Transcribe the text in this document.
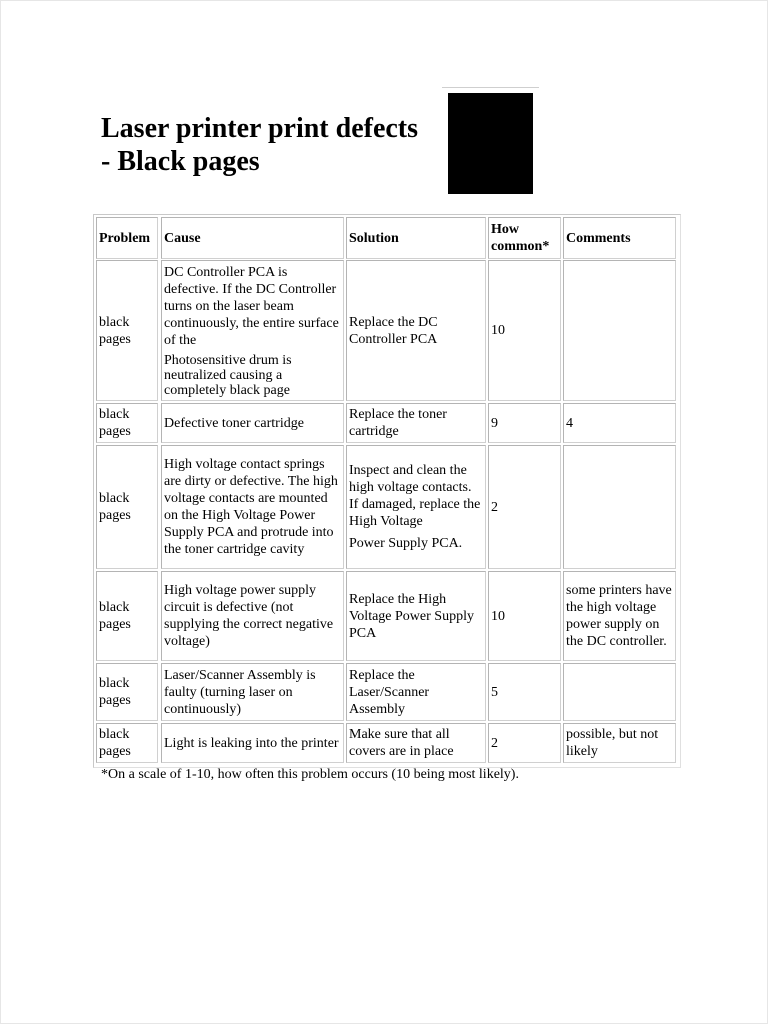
Laser printer print defects - Black pages
Problem Cause	Solution
How common*
Comments
black pages
DC Controller PCA is defective. If the DC Controller turns on the laser beam continuously, the entire surface of the
Photosensitive drum is neutralized causing a completely black page
Replace the DC Controller PCA
10
black pages
Defective toner cartridge
Replace the toner cartridge
9	4
black pages
High voltage contact springs are dirty or defective. The high voltage contacts are mounted on the High Voltage Power Supply PCA and protrude into the toner cartridge cavity
Inspect and clean the high voltage contacts. If damaged, replace the High Voltage
Power Supply PCA.
2
black pages
High voltage power supply circuit is defective (not supplying the correct negative voltage)
Replace the High Voltage Power Supply PCA
10
some printers have the high voltage power supply on the DC controller.
black pages
Laser/Scanner Assembly is faulty (turning laser on continuously)
Replace the Laser/Scanner Assembly
5
black pages
Light is leaking into the printer
Make sure that all covers are in place
2
possible, but not likely
*On a scale of 1-10, how often this problem occurs (10 being most likely).
